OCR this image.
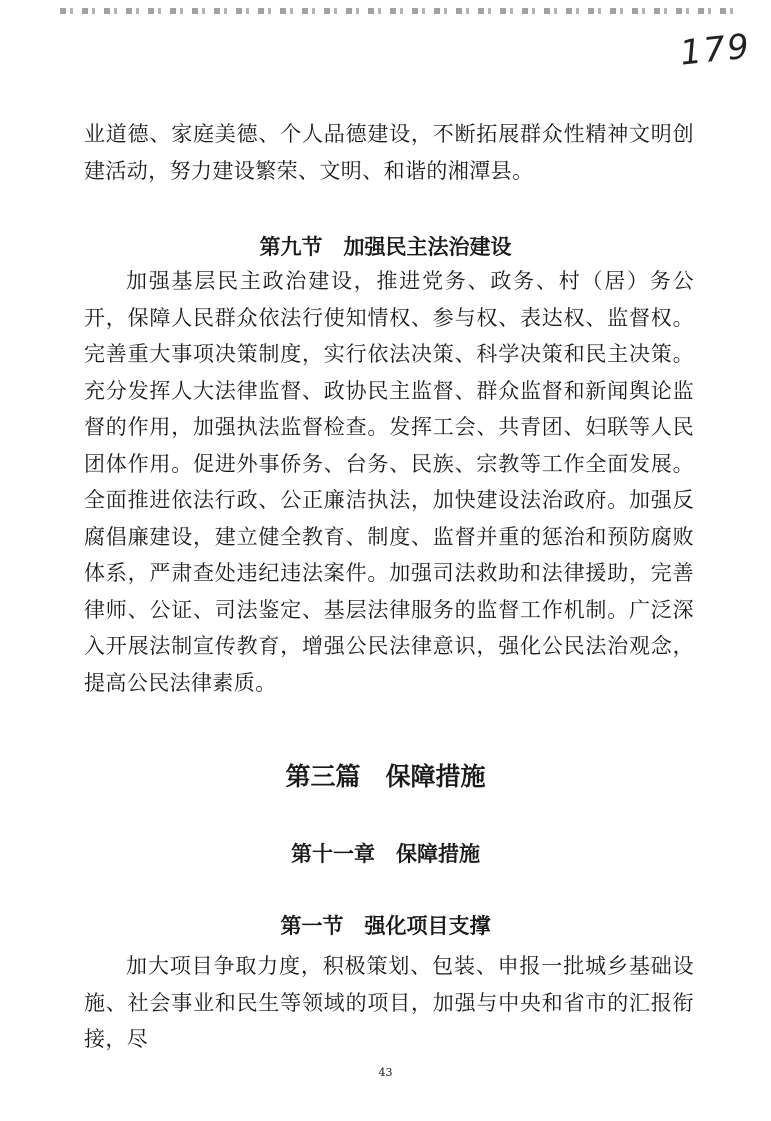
179

业道德、家庭美德、个人品德建设，不断拓展群众性精神文明创建活动，努力建设繁荣、文明、和谐的湘潭县。

第九节　加强民主法治建设

加强基层民主政治建设，推进党务、政务、村（居）务公开，保障人民群众依法行使知情权、参与权、表达权、监督权。完善重大事项决策制度，实行依法决策、科学决策和民主决策。充分发挥人大法律监督、政协民主监督、群众监督和新闻舆论监督的作用，加强执法监督检查。发挥工会、共青团、妇联等人民团体作用。促进外事侨务、台务、民族、宗教等工作全面发展。全面推进依法行政、公正廉洁执法，加快建设法治政府。加强反腐倡廉建设，建立健全教育、制度、监督并重的惩治和预防腐败体系，严肃查处违纪违法案件。加强司法救助和法律援助，完善律师、公证、司法鉴定、基层法律服务的监督工作机制。广泛深入开展法制宣传教育，增强公民法律意识，强化公民法治观念，提高公民法律素质。

第三篇　保障措施
第十一章　保障措施
第一节　强化项目支撑

加大项目争取力度，积极策划、包装、申报一批城乡基础设施、社会事业和民生等领域的项目，加强与中央和省市的汇报衔接，尽

43
